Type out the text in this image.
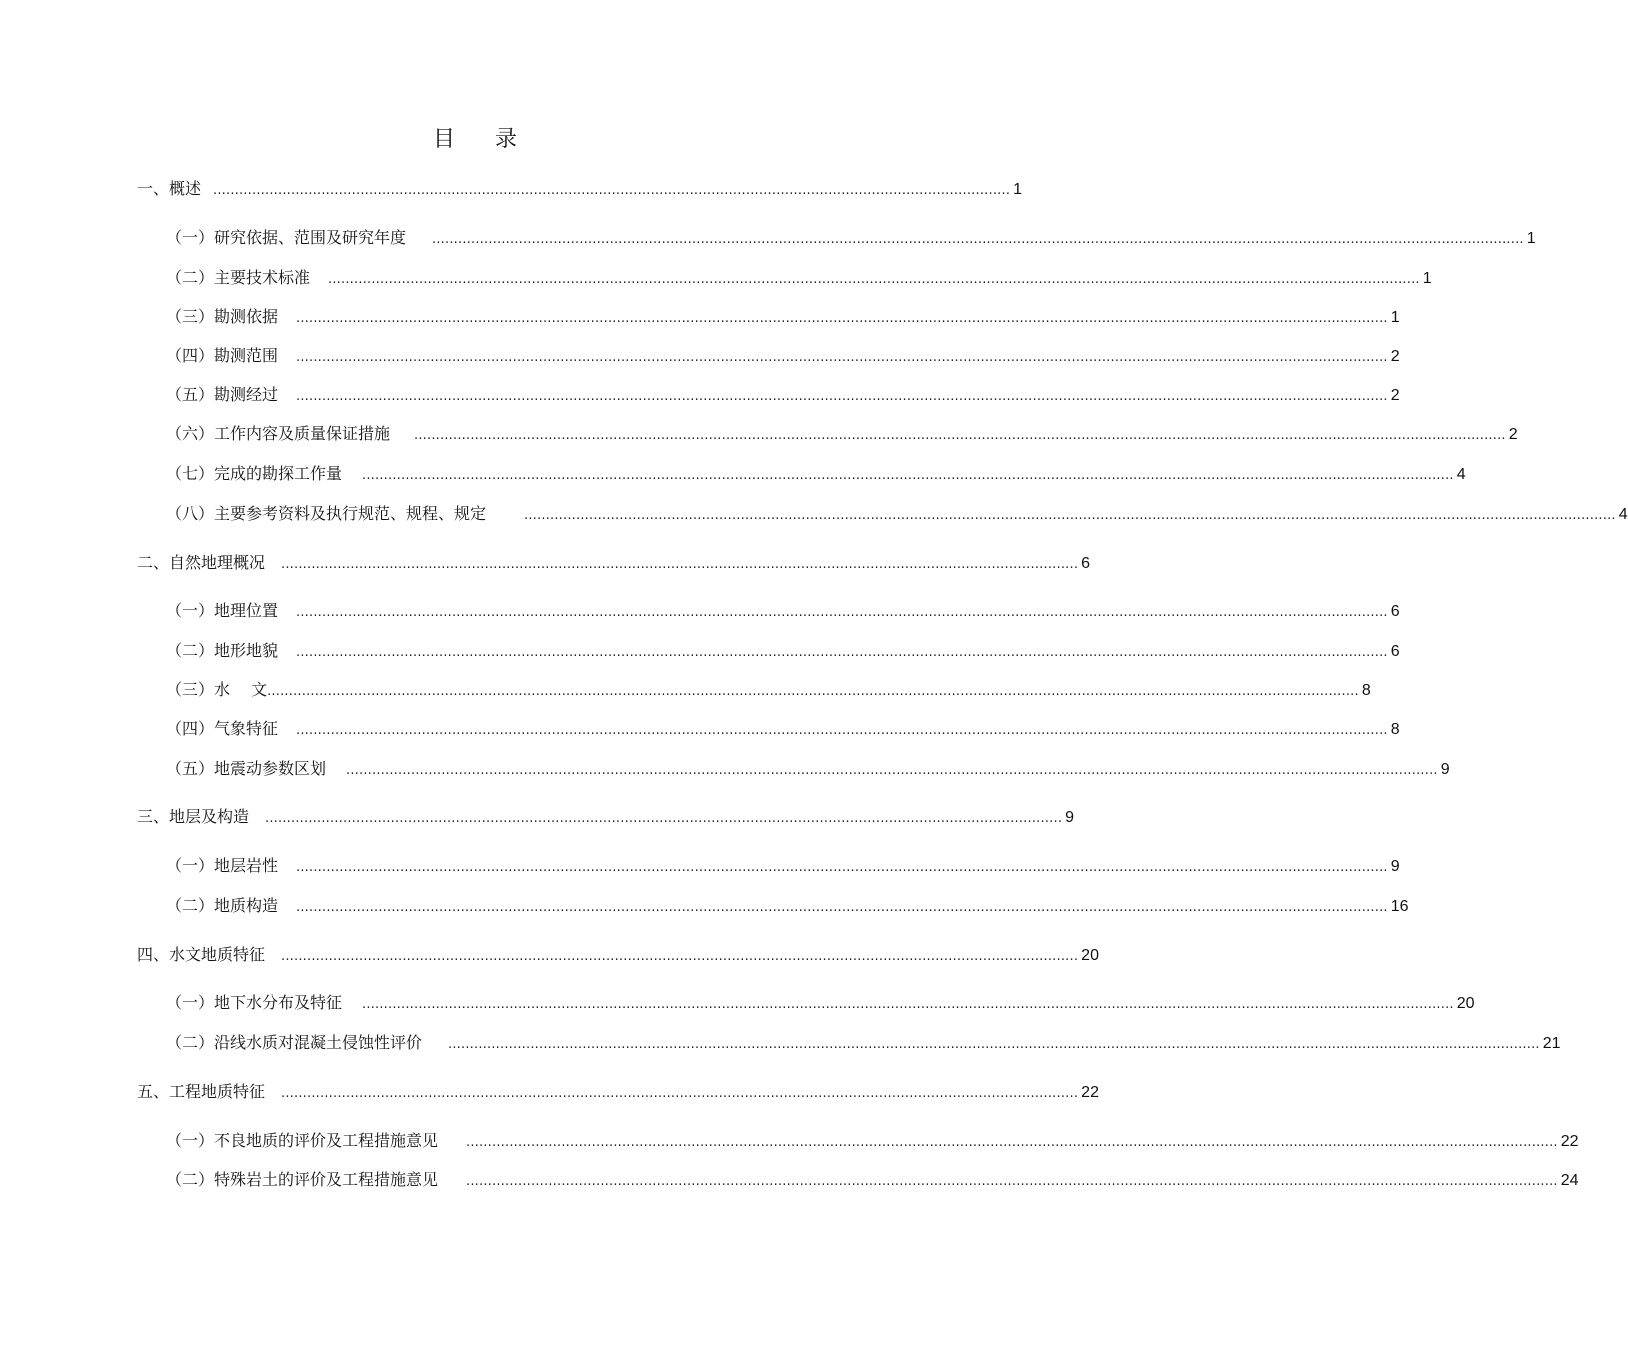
目 录
一、概述 ........................................................................................................................................................................................ 1
（一）研究依据、范围及研究年度 ............................................................................................................................................................................................................................................................ 1
（二）主要技术标准 ............................................................................................................................................................................................................................................................ 1
（三）勘测依据 ............................................................................................................................................................................................................................................................ 1
（四）勘测范围 ............................................................................................................................................................................................................................................................ 2
（五）勘测经过 ............................................................................................................................................................................................................................................................ 2
（六）工作内容及质量保证措施 ............................................................................................................................................................................................................................................................ 2
（七）完成的勘探工作量 ............................................................................................................................................................................................................................................................ 4
（八）主要参考资料及执行规范、规程、规定	............................................................................................................................................................................................................................................................ 4
二、自然地理概况 ........................................................................................................................................................................................ 6
（一）地理位置 ............................................................................................................................................................................................................................................................ 6
（二）地形地貌 ............................................................................................................................................................................................................................................................ 6
（三）水　 文 ............................................................................................................................................................................................................................................................ 8
（四）气象特征 ............................................................................................................................................................................................................................................................ 8
（五）地震动参数区划 ............................................................................................................................................................................................................................................................ 9
三、地层及构造 ........................................................................................................................................................................................ 9
（一）地层岩性 ............................................................................................................................................................................................................................................................ 9
（二）地质构造 ............................................................................................................................................................................................................................................................ 16
四、水文地质特征 ........................................................................................................................................................................................ 20
（一）地下水分布及特征 ............................................................................................................................................................................................................................................................ 20
（二）沿线水质对混凝土侵蚀性评价 ............................................................................................................................................................................................................................................................ 21
五、工程地质特征 ........................................................................................................................................................................................ 22
（一）不良地质的评价及工程措施意见 ............................................................................................................................................................................................................................................................ 22
（二）特殊岩土的评价及工程措施意见 ............................................................................................................................................................................................................................................................ 24
